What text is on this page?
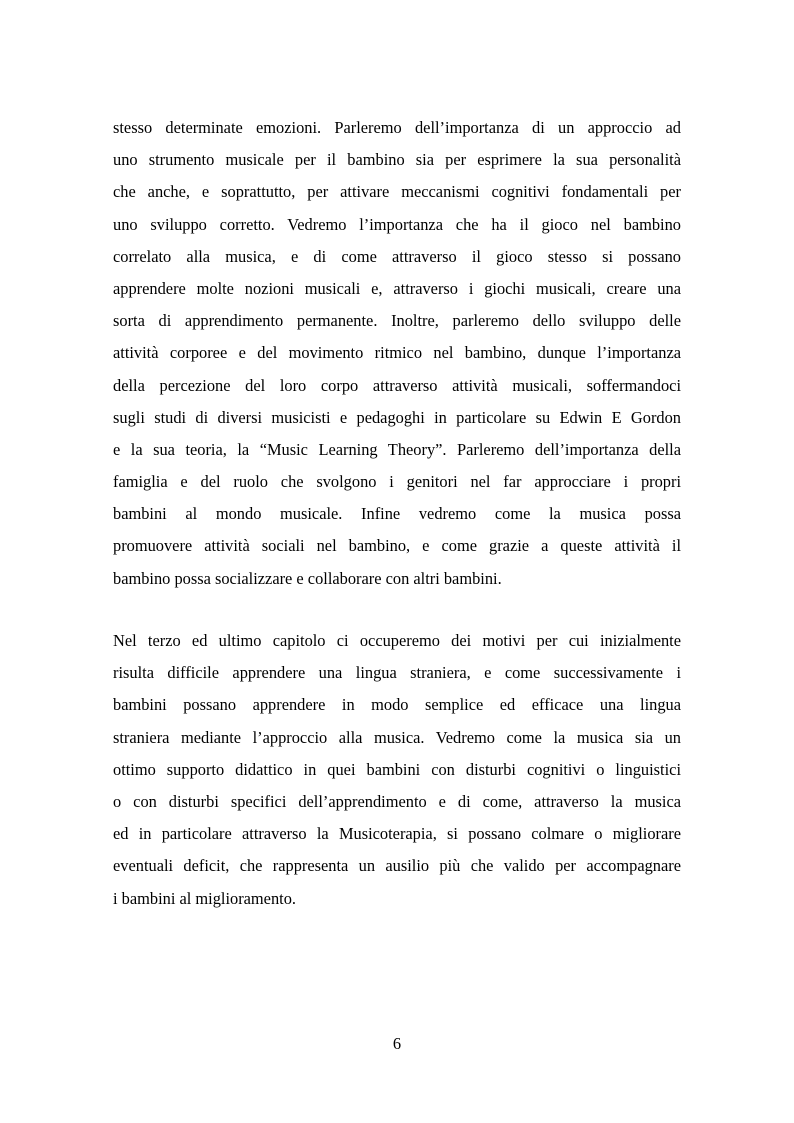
stesso determinate emozioni. Parleremo dell’importanza di un approccio ad
uno strumento musicale per il bambino sia per esprimere la sua personalità
che anche, e soprattutto, per attivare meccanismi cognitivi fondamentali per
uno sviluppo corretto. Vedremo l’importanza che ha il gioco nel bambino
correlato alla musica, e di come attraverso il gioco stesso si possano
apprendere molte nozioni musicali e, attraverso i giochi musicali, creare una
sorta di apprendimento permanente. Inoltre, parleremo dello sviluppo delle
attività corporee e del movimento ritmico nel bambino, dunque l’importanza
della percezione del loro corpo attraverso attività musicali, soffermandoci
sugli studi di diversi musicisti e pedagoghi in particolare su Edwin E Gordon
e la sua teoria, la “Music Learning Theory”. Parleremo dell’importanza della
famiglia e del ruolo che svolgono i genitori nel far approcciare i propri
bambini al mondo musicale. Infine vedremo come la musica possa
promuovere attività sociali nel bambino, e come grazie a queste attività il
bambino possa socializzare e collaborare con altri bambini.
Nel terzo ed ultimo capitolo ci occuperemo dei motivi per cui inizialmente
risulta difficile apprendere una lingua straniera, e come successivamente i
bambini possano apprendere in modo semplice ed efficace una lingua
straniera mediante l’approccio alla musica. Vedremo come la musica sia un
ottimo supporto didattico in quei bambini con disturbi cognitivi o linguistici
o con disturbi specifici dell’apprendimento e di come, attraverso la musica
ed in particolare attraverso la Musicoterapia, si possano colmare o migliorare
eventuali deficit, che rappresenta un ausilio più che valido per accompagnare
i bambini al miglioramento.
6
